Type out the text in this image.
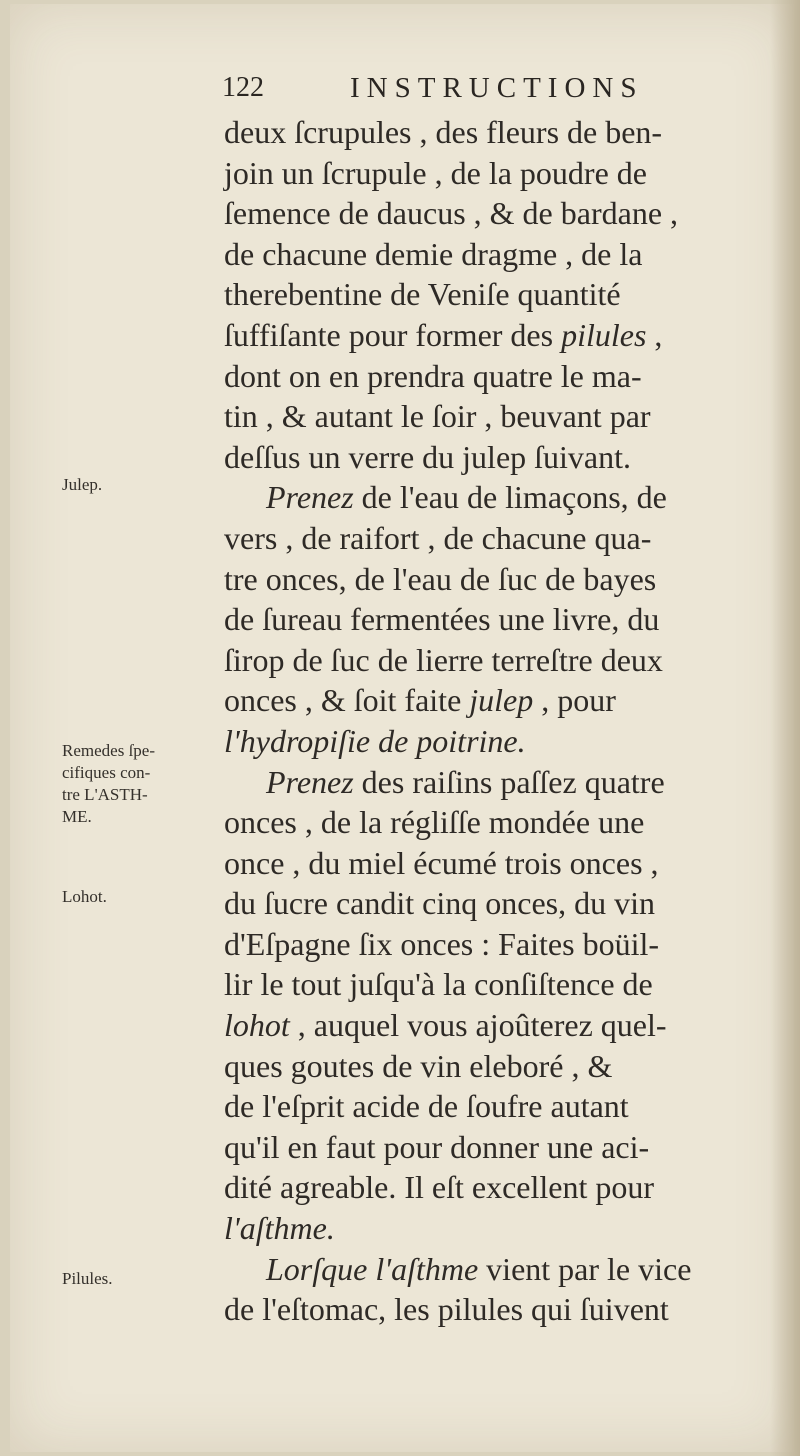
122	INSTRUCTIONS
Julep.
Remedes ſpe-
cifiques con-
tre L'ASTH-
ME.
Lohot.
Pilules.
deux ſcrupules , des fleurs de ben-
join un ſcrupule , de la poudre de
ſemence de daucus , & de bardane ,
de chacune demie dragme , de la
therebentine de Veniſe quantité
ſuffiſante pour former des pilules ,
dont on en prendra quatre le ma-
tin , & autant le ſoir , beuvant par
deſſus un verre du julep ſuivant.
Prenez de l'eau de limaçons, de
vers , de raifort , de chacune qua-
tre onces, de l'eau de ſuc de bayes
de ſureau fermentées une livre, du
ſirop de ſuc de lierre terreſtre deux
onces , & ſoit faite julep , pour
l'hydropiſie de poitrine.
Prenez des raiſins paſſez quatre
onces , de la régliſſe mondée une
once , du miel écumé trois onces ,
du ſucre candit cinq onces, du vin
d'Eſpagne ſix onces : Faites boüil-
lir le tout juſqu'à la conſiſtence de
lohot , auquel vous ajoûterez quel-
ques goutes de vin eleboré , &
de l'eſprit acide de ſoufre autant
qu'il en faut pour donner une aci-
dité agreable. Il eſt excellent pour
l'aſthme.
Lorſque l'aſthme vient par le vice
de l'eſtomac, les pilules qui ſuivent
